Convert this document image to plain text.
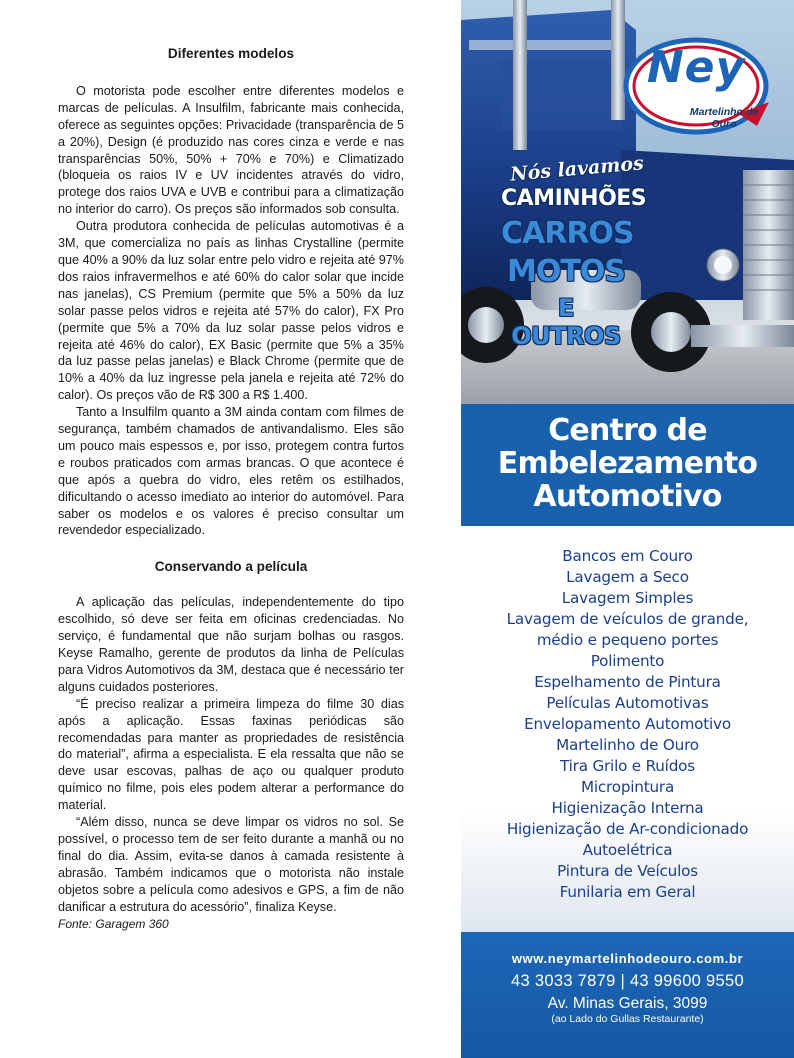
Diferentes modelos

O motorista pode escolher entre diferentes modelos e marcas de películas. A Insulfilm, fabricante mais conhecida, oferece as seguintes opções: Privacidade (transparência de 5 a 20%), Design (é produzido nas cores cinza e verde e nas transparências 50%, 50% + 70% e 70%) e Climatizado (bloqueia os raios IV e UV incidentes através do vidro, protege dos raios UVA e UVB e contribui para a climatização no interior do carro). Os preços são informados sob consulta.

Outra produtora conhecida de películas automotivas é a 3M, que comercializa no país as linhas Crystalline (permite que 40% a 90% da luz solar entre pelo vidro e rejeita até 97% dos raios infravermelhos e até 60% do calor solar que incide nas janelas), CS Premium (permite que 5% a 50% da luz solar passe pelos vidros e rejeita até 57% do calor), FX Pro (permite que 5% a 70% da luz solar passe pelos vidros e rejeita até 46% do calor), EX Basic (permite que 5% a 35% da luz passe pelas janelas) e Black Chrome (permite que de 10% a 40% da luz ingresse pela janela e rejeita até 72% do calor). Os preços vão de R$ 300 a R$ 1.400.

Tanto a Insulfilm quanto a 3M ainda contam com filmes de segurança, também chamados de antivandalismo. Eles são um pouco mais espessos e, por isso, protegem contra furtos e roubos praticados com armas brancas. O que acontece é que após a quebra do vidro, eles retêm os estilhados, dificultando o acesso imediato ao interior do automóvel. Para saber os modelos e os valores é preciso consultar um revendedor especializado.

Conservando a película

A aplicação das películas, independentemente do tipo escolhido, só deve ser feita em oficinas credenciadas. No serviço, é fundamental que não surjam bolhas ou rasgos. Keyse Ramalho, gerente de produtos da linha de Películas para Vidros Automotivos da 3M, destaca que é necessário ter alguns cuidados posteriores.

“É preciso realizar a primeira limpeza do filme 30 dias após a aplicação. Essas faxinas periódicas são recomendadas para manter as propriedades de resistência do material”, afirma a especialista. E ela ressalta que não se deve usar escovas, palhas de aço ou qualquer produto químico no filme, pois eles podem alterar a performance do material.

“Além disso, nunca se deve limpar os vidros no sol. Se possível, o processo tem de ser feito durante a manhã ou no final do dia. Assim, evita-se danos à camada resistente à abrasão. Também indicamos que o motorista não instale objetos sobre a película como adesivos e GPS, a fim de não danificar a estrutura do acessório”, finaliza Keyse.

Fonte: Garagem 360

Ney
Martelinho de Ouro
Nós lavamos
CAMINHÕES
CARROS
MOTOS
E OUTROS
Centro de
Embelezamento
Automotivo
Bancos em Couro
Lavagem a Seco
Lavagem Simples
Lavagem de veículos de grande,
médio e pequeno portes
Polimento
Espelhamento de Pintura
Películas Automotivas
Envelopamento Automotivo
Martelinho de Ouro
Tira Grilo e Ruídos
Micropintura
Higienização Interna
Higienização de Ar-condicionado
Autoelétrica
Pintura de Veículos
Funilaria em Geral
www.neymartelinhodeouro.com.br
43 3033 7879 | 43 99600 9550
Av. Minas Gerais, 3099
(ao Lado do Gullas Restaurante)
